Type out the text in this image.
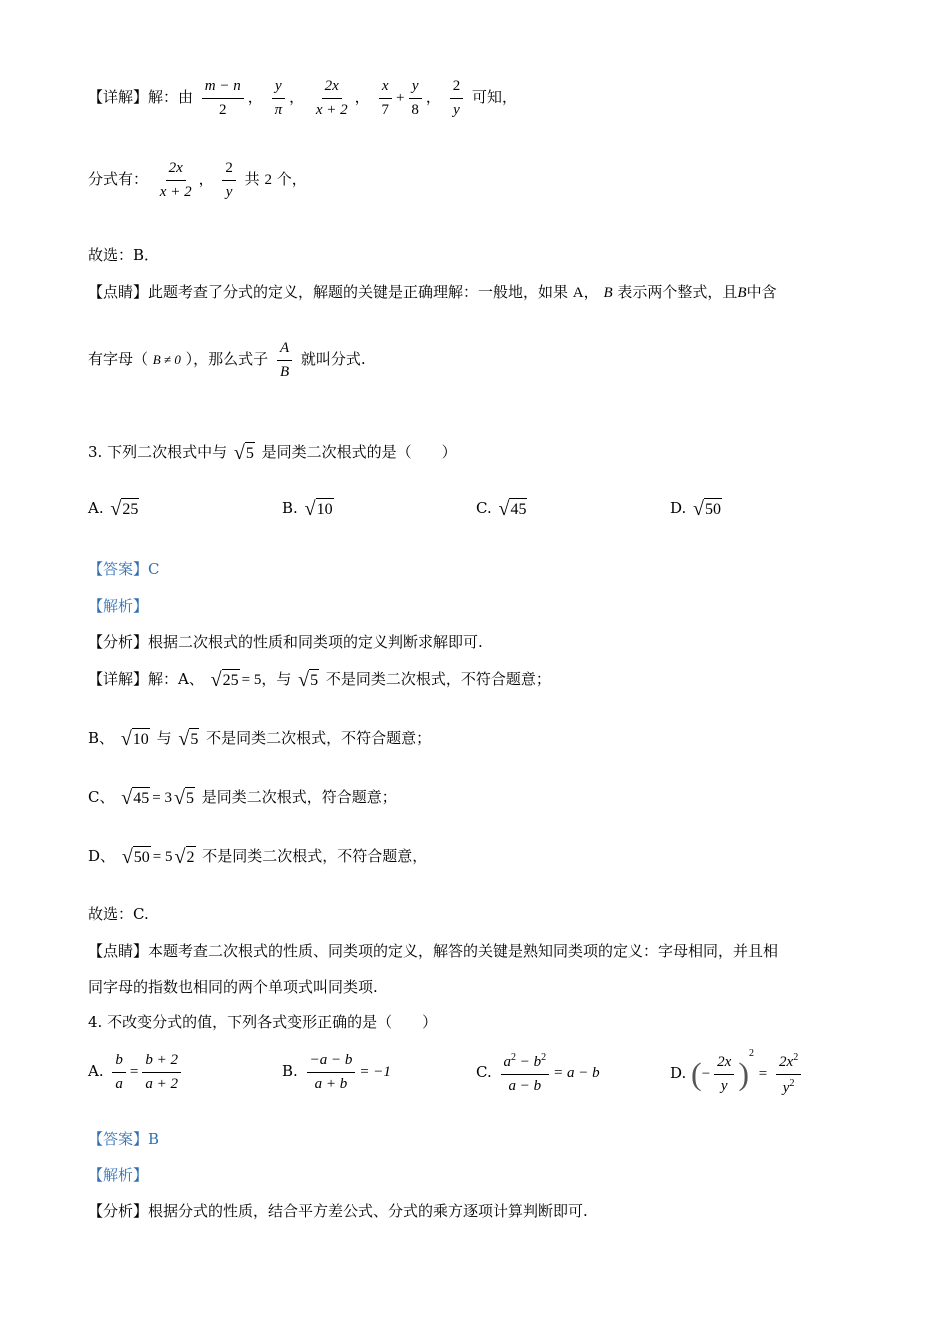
【详解】解：由 $\frac{m - n}{2}$ ， $\frac{y}{\pi}$ ， $\frac{2x}{x + 2}$ ， $\frac{x}{7} + \frac{y}{8}$ ， $\frac{2}{y}$ 可知，
分式有： $\frac{2x}{x + 2}$ ， $\frac{2}{y}$ 共 2 个，
故选：B．
【点睛】此题考查了分式的定义，解题的关键是正确理解：一般地，如果 A， B 表示两个整式，且B中含
有字母（ B ≠ 0 ），那么式子 $\frac{A}{B}$ 就叫分式.
3. 下列二次根式中与 √ 5 是同类二次根式的是（　　）
A. √ 25	B. √ 10	C. √ 45	D. √ 50
【答案】C
【解析】
【分析】根据二次根式的性质和同类项的定义判断求解即可.
【详解】解：A、 √ 25 = 5，与 √ 5 不是同类二次根式，不符合题意；
B、 √ 10 与 √ 5 不是同类二次根式，不符合题意；
C、 √ 45 = 3 √ 5 是同类二次根式，符合题意；
D、 √ 50 = 5 √ 2 不是同类二次根式，不符合题意，
故选：C.
【点睛】本题考查二次根式的性质、同类项的定义，解答的关键是熟知同类项的定义：字母相同，并且相
同字母的指数也相同的两个单项式叫同类项.
4. 不改变分式的值，下列各式变形正确的是（　　）
A. $\frac{b}{a} = \frac{b + 2}{a + 2}$	B. $\frac{-a - b}{a + b} = -1$	C. $\frac{a^2 - b^2}{a - b} = a - b$	D. (− $\frac{2x}{y} )^2 = \frac{2x^2}{y^2}$
【答案】B
【解析】
【分析】根据分式的性质，结合平方差公式、分式的乘方逐项计算判断即可.
